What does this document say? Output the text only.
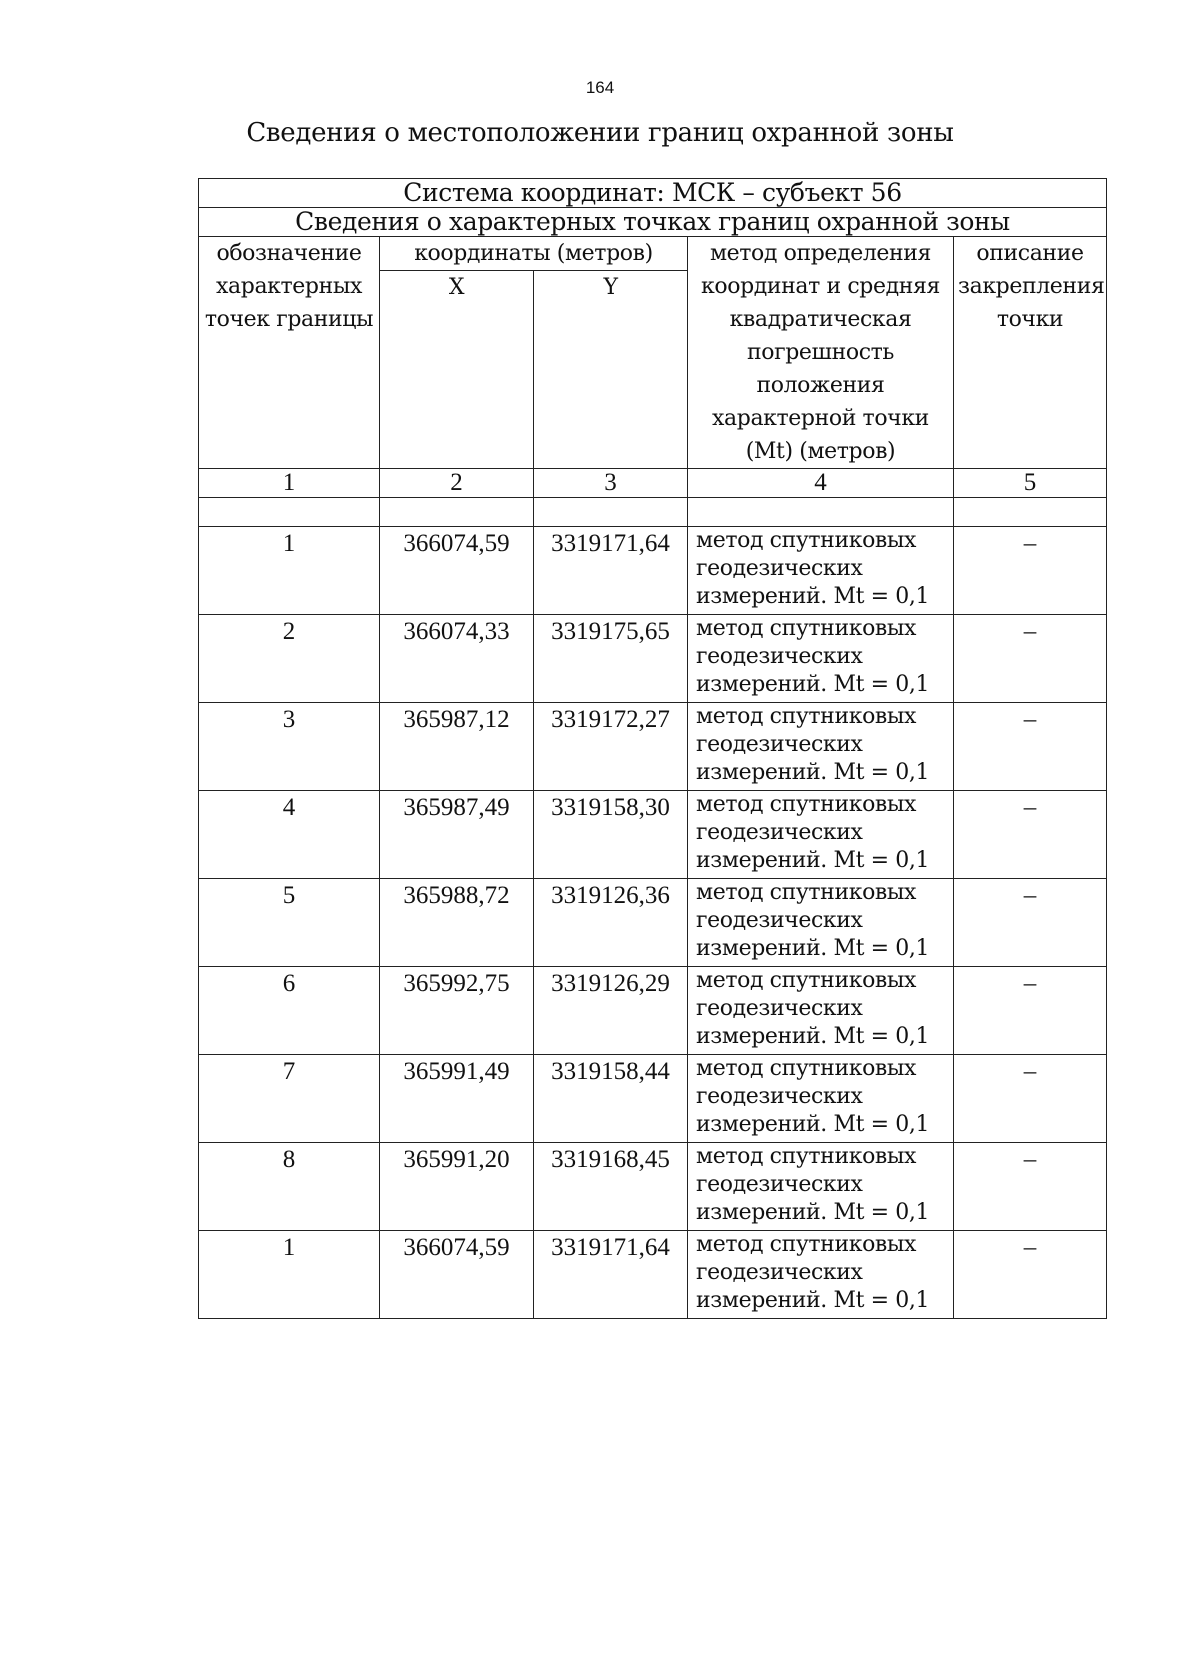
164
Сведения о местоположении границ охранной зоны
Система координат: МСК – субъект 56				
Сведения о характерных точках границ охранной зоны				
обозначение характерных точек границы	координаты (метров)		метод определения координат и средняя квадратическая погрешность положения характерной точки (Mt) (метров)	описание закрепления точки
	X	Y		
1	2	3	4	5

1	366074,59	3319171,64	метод спутниковых
геодезических
измерений. Mt = 0,1	–
2	366074,33	3319175,65	метод спутниковых
геодезических
измерений. Mt = 0,1	–
3	365987,12	3319172,27	метод спутниковых
геодезических
измерений. Mt = 0,1	–
4	365987,49	3319158,30	метод спутниковых
геодезических
измерений. Mt = 0,1	–
5	365988,72	3319126,36	метод спутниковых
геодезических
измерений. Mt = 0,1	–
6	365992,75	3319126,29	метод спутниковых
геодезических
измерений. Mt = 0,1	–
7	365991,49	3319158,44	метод спутниковых
геодезических
измерений. Mt = 0,1	–
8	365991,20	3319168,45	метод спутниковых
геодезических
измерений. Mt = 0,1	–
1	366074,59	3319171,64	метод спутниковых
геодезических
измерений. Mt = 0,1	–
